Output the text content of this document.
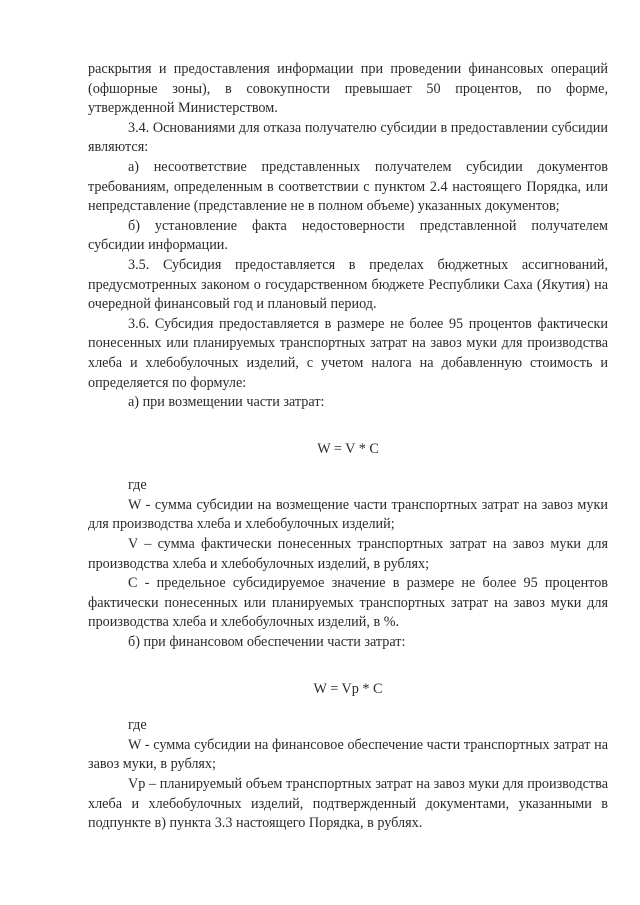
раскрытия и предоставления информации при проведении финансовых операций (офшорные зоны), в совокупности превышает 50 процентов, по форме, утвержденной Министерством.

3.4. Основаниями для отказа получателю субсидии в предоставлении субсидии являются:

а) несоответствие представленных получателем субсидии документов требованиям, определенным в соответствии с пунктом 2.4 настоящего Порядка, или непредставление (представление не в полном объеме) указанных документов;

б) установление факта недостоверности представленной получателем субсидии информации.

3.5. Субсидия предоставляется в пределах бюджетных ассигнований, предусмотренных законом о государственном бюджете Республики Саха (Якутия) на очередной финансовый год и плановый период.

3.6. Субсидия предоставляется в размере не более 95 процентов фактически понесенных или планируемых транспортных затрат на завоз муки для производства хлеба и хлебобулочных изделий, с учетом налога на добавленную стоимость и определяется по формуле:

а) при возмещении части затрат:

W = V * C

где

W - сумма субсидии на возмещение части транспортных затрат на завоз муки для производства хлеба и хлебобулочных изделий;

V – сумма фактически понесенных транспортных затрат на завоз муки для производства хлеба и хлебобулочных изделий, в рублях;

С - предельное субсидируемое значение в размере не более 95 процентов фактически понесенных или планируемых транспортных затрат на завоз муки для производства хлеба и хлебобулочных изделий, в %.

б) при финансовом обеспечении части затрат:

W = Vp * C

где

W - сумма субсидии на финансовое обеспечение части транспортных затрат на завоз муки, в рублях;

Vp – планируемый объем транспортных затрат на завоз муки для производства хлеба и хлебобулочных изделий, подтвержденный документами, указанными в подпункте в) пункта 3.3 настоящего Порядка, в рублях.
